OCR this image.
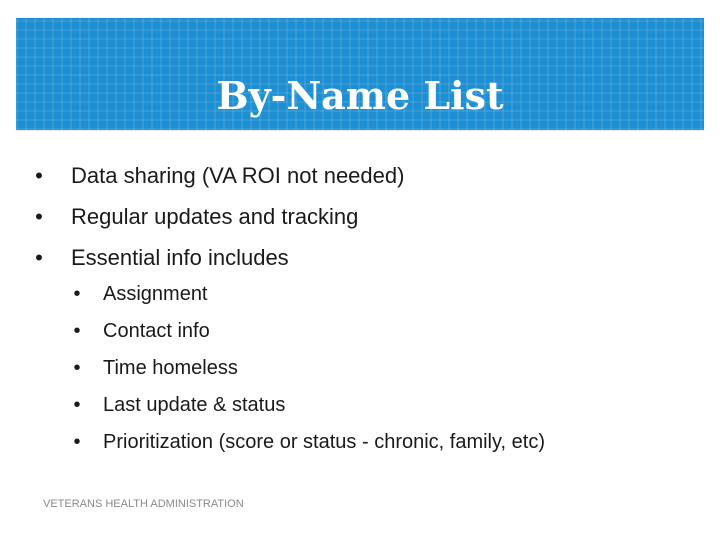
By-Name List
• Data sharing (VA ROI not needed)
• Regular updates and tracking
• Essential info includes
• Assignment
• Contact info
• Time homeless
• Last update & status
• Prioritization (score or status - chronic, family, etc)
VETERANS HEALTH ADMINISTRATION
